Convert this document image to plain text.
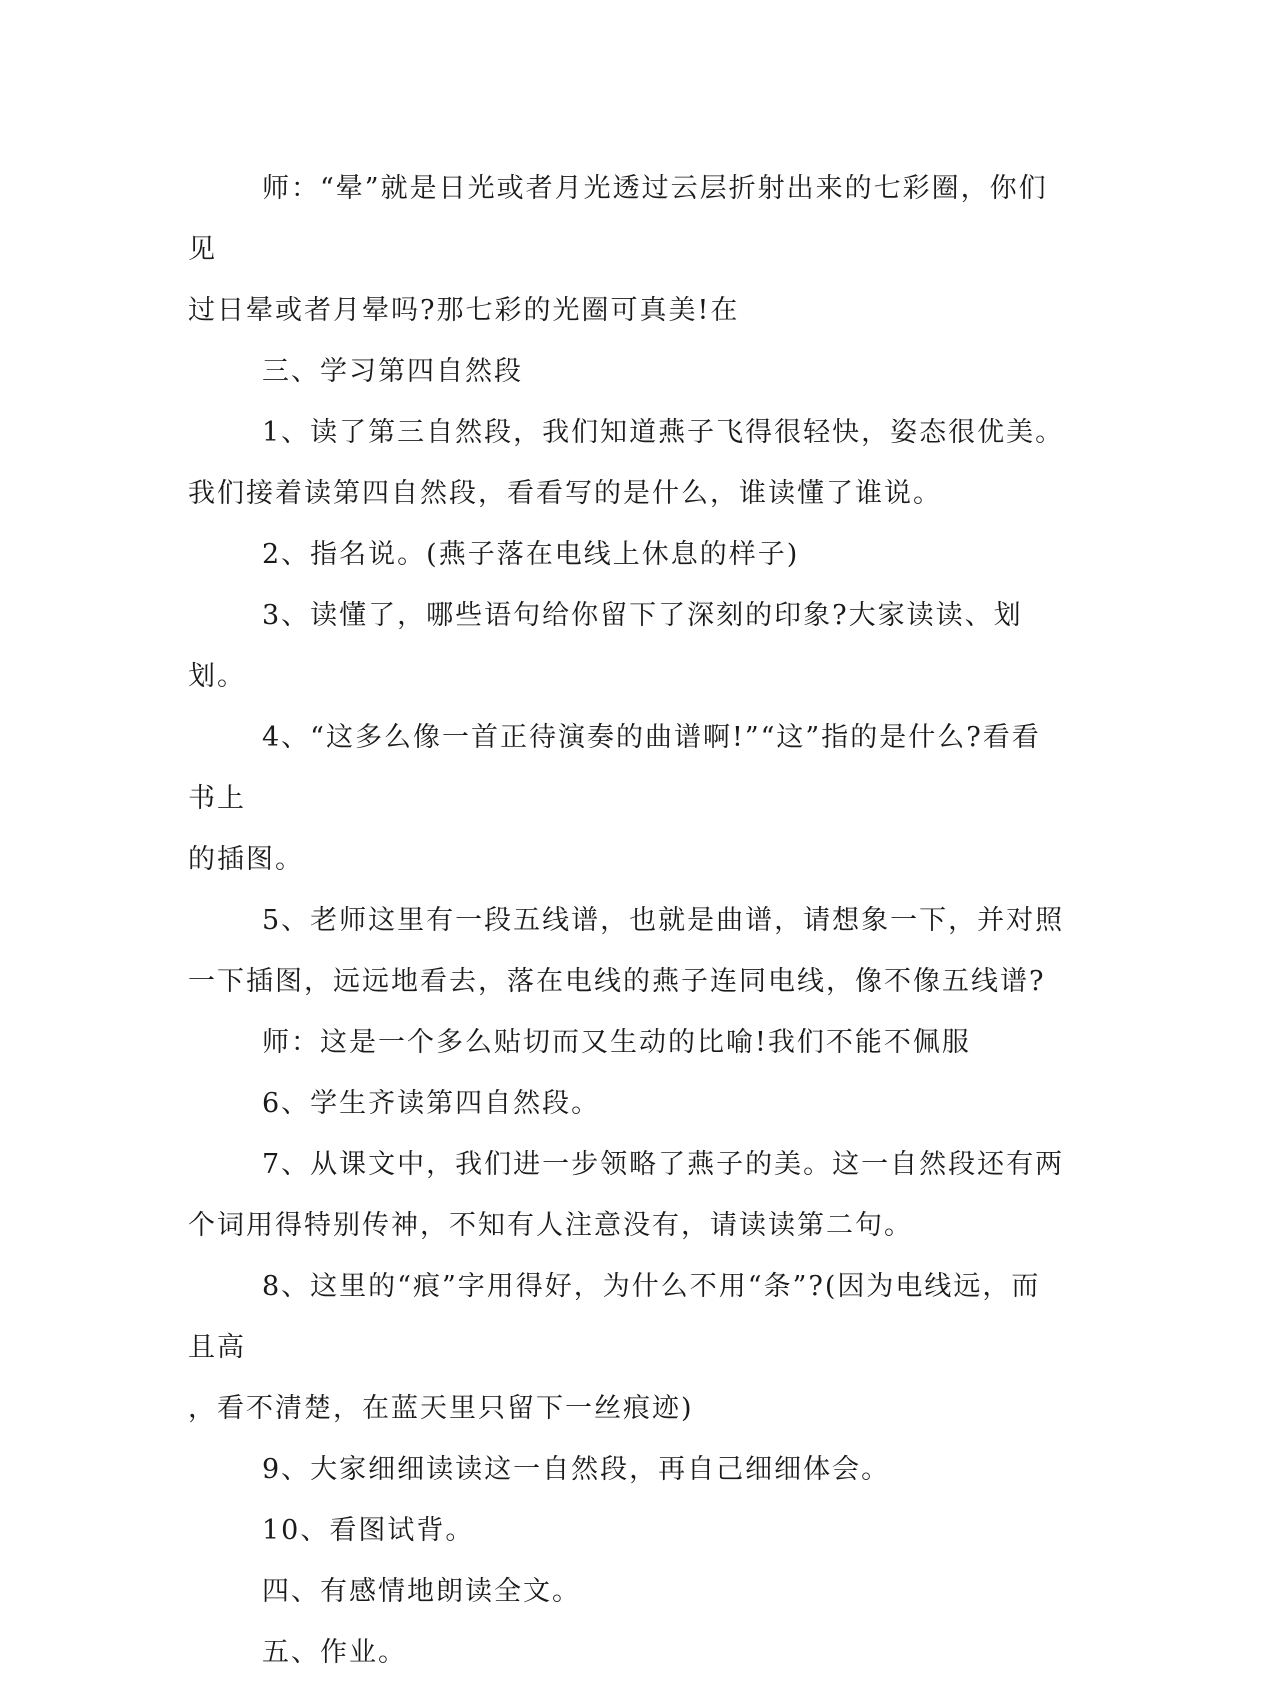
师：“晕”就是日光或者月光透过云层折射出来的七彩圈，你们见
过日晕或者月晕吗?那七彩的光圈可真美!在

三、学习第四自然段

1、读了第三自然段，我们知道燕子飞得很轻快，姿态很优美。
我们接着读第四自然段，看看写的是什么，谁读懂了谁说。

2、指名说。(燕子落在电线上休息的样子)

3、读懂了，哪些语句给你留下了深刻的印象?大家读读、划划。

4、“这多么像一首正待演奏的曲谱啊!”“这”指的是什么?看看书上
的插图。

5、老师这里有一段五线谱，也就是曲谱，请想象一下，并对照
一下插图，远远地看去，落在电线的燕子连同电线，像不像五线谱?

师：这是一个多么贴切而又生动的比喻!我们不能不佩服

6、学生齐读第四自然段。

7、从课文中，我们进一步领略了燕子的美。这一自然段还有两
个词用得特别传神，不知有人注意没有，请读读第二句。

8、这里的“痕”字用得好，为什么不用“条”?(因为电线远，而且高
，看不清楚，在蓝天里只留下一丝痕迹)

9、大家细细读读这一自然段，再自己细细体会。

10、看图试背。

四、有感情地朗读全文。

五、作业。
